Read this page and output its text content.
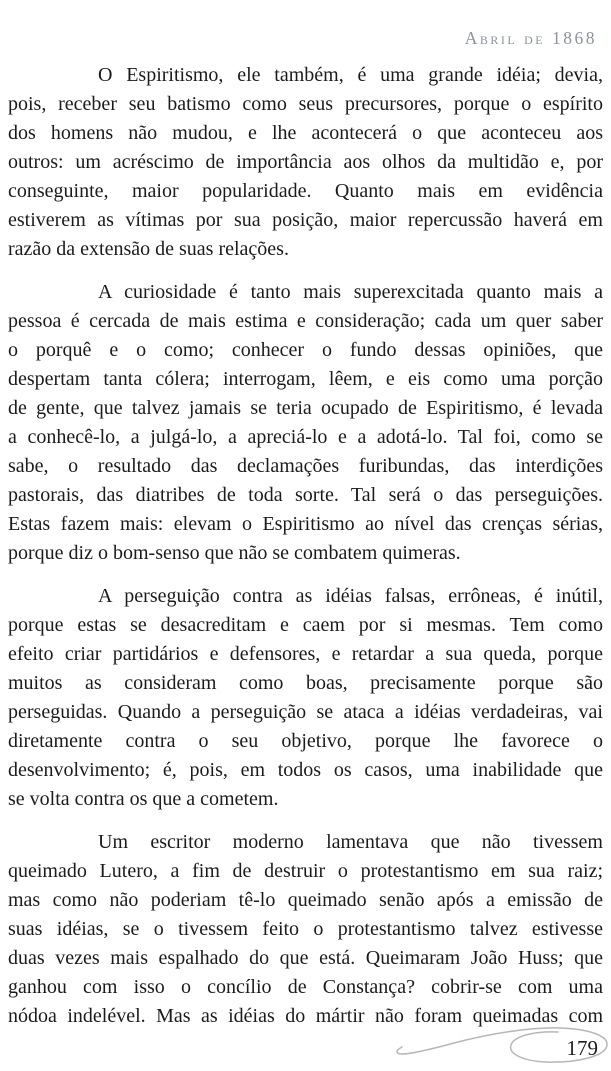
Abril de 1868
O Espiritismo, ele também, é uma grande idéia; devia,
pois, receber seu batismo como seus precursores, porque o espírito
dos homens não mudou, e lhe acontecerá o que aconteceu aos
outros: um acréscimo de importância aos olhos da multidão e, por
conseguinte, maior popularidade. Quanto mais em evidência
estiverem as vítimas por sua posição, maior repercussão haverá em
razão da extensão de suas relações.
A curiosidade é tanto mais superexcitada quanto mais a
pessoa é cercada de mais estima e consideração; cada um quer saber
o porquê e o como; conhecer o fundo dessas opiniões, que
despertam tanta cólera; interrogam, lêem, e eis como uma porção
de gente, que talvez jamais se teria ocupado de Espiritismo, é levada
a conhecê-lo, a julgá-lo, a apreciá-lo e a adotá-lo. Tal foi, como se
sabe, o resultado das declamações furibundas, das interdições
pastorais, das diatribes de toda sorte. Tal será o das perseguições.
Estas fazem mais: elevam o Espiritismo ao nível das crenças sérias,
porque diz o bom-senso que não se combatem quimeras.
A perseguição contra as idéias falsas, errôneas, é inútil,
porque estas se desacreditam e caem por si mesmas. Tem como
efeito criar partidários e defensores, e retardar a sua queda, porque
muitos as consideram como boas, precisamente porque são
perseguidas. Quando a perseguição se ataca a idéias verdadeiras, vai
diretamente contra o seu objetivo, porque lhe favorece o
desenvolvimento; é, pois, em todos os casos, uma inabilidade que
se volta contra os que a cometem.
Um escritor moderno lamentava que não tivessem
queimado Lutero, a fim de destruir o protestantismo em sua raiz;
mas como não poderiam tê-lo queimado senão após a emissão de
suas idéias, se o tivessem feito o protestantismo talvez estivesse
duas vezes mais espalhado do que está. Queimaram João Huss; que
ganhou com isso o concílio de Constança? cobrir-se com uma
nódoa indelével. Mas as idéias do mártir não foram queimadas com
179
